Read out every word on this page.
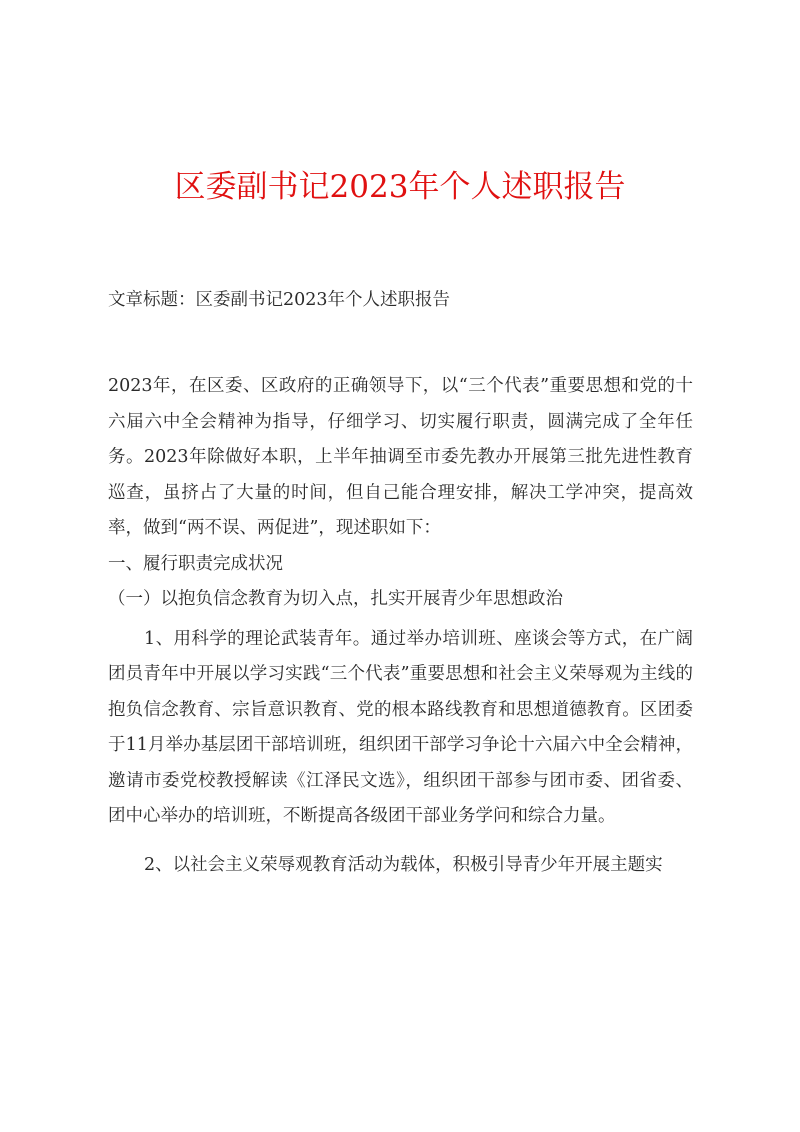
区委副书记2023年个人述职报告
文章标题：区委副书记2023年个人述职报告

2023年，在区委、区政府的正确领导下，以“三个代表”重要思想和党的十六届六中全会精神为指导，仔细学习、切实履行职责，圆满完成了全年任务。2023年除做好本职，上半年抽调至市委先教办开展第三批先进性教育巡查，虽挤占了大量的时间，但自己能合理安排，解决工学冲突，提高效率，做到“两不误、两促进”，现述职如下：

一、履行职责完成状况

（一）以抱负信念教育为切入点，扎实开展青少年思想政治

1、用科学的理论武装青年。通过举办培训班、座谈会等方式，在广阔团员青年中开展以学习实践“三个代表”重要思想和社会主义荣辱观为主线的抱负信念教育、宗旨意识教育、党的根本路线教育和思想道德教育。区团委于11月举办基层团干部培训班，组织团干部学习争论十六届六中全会精神，邀请市委党校教授解读《江泽民文选》，组织团干部参与团市委、团省委、团中心举办的培训班，不断提高各级团干部业务学问和综合力量。

2、以社会主义荣辱观教育活动为载体，积极引导青少年开展主题实
